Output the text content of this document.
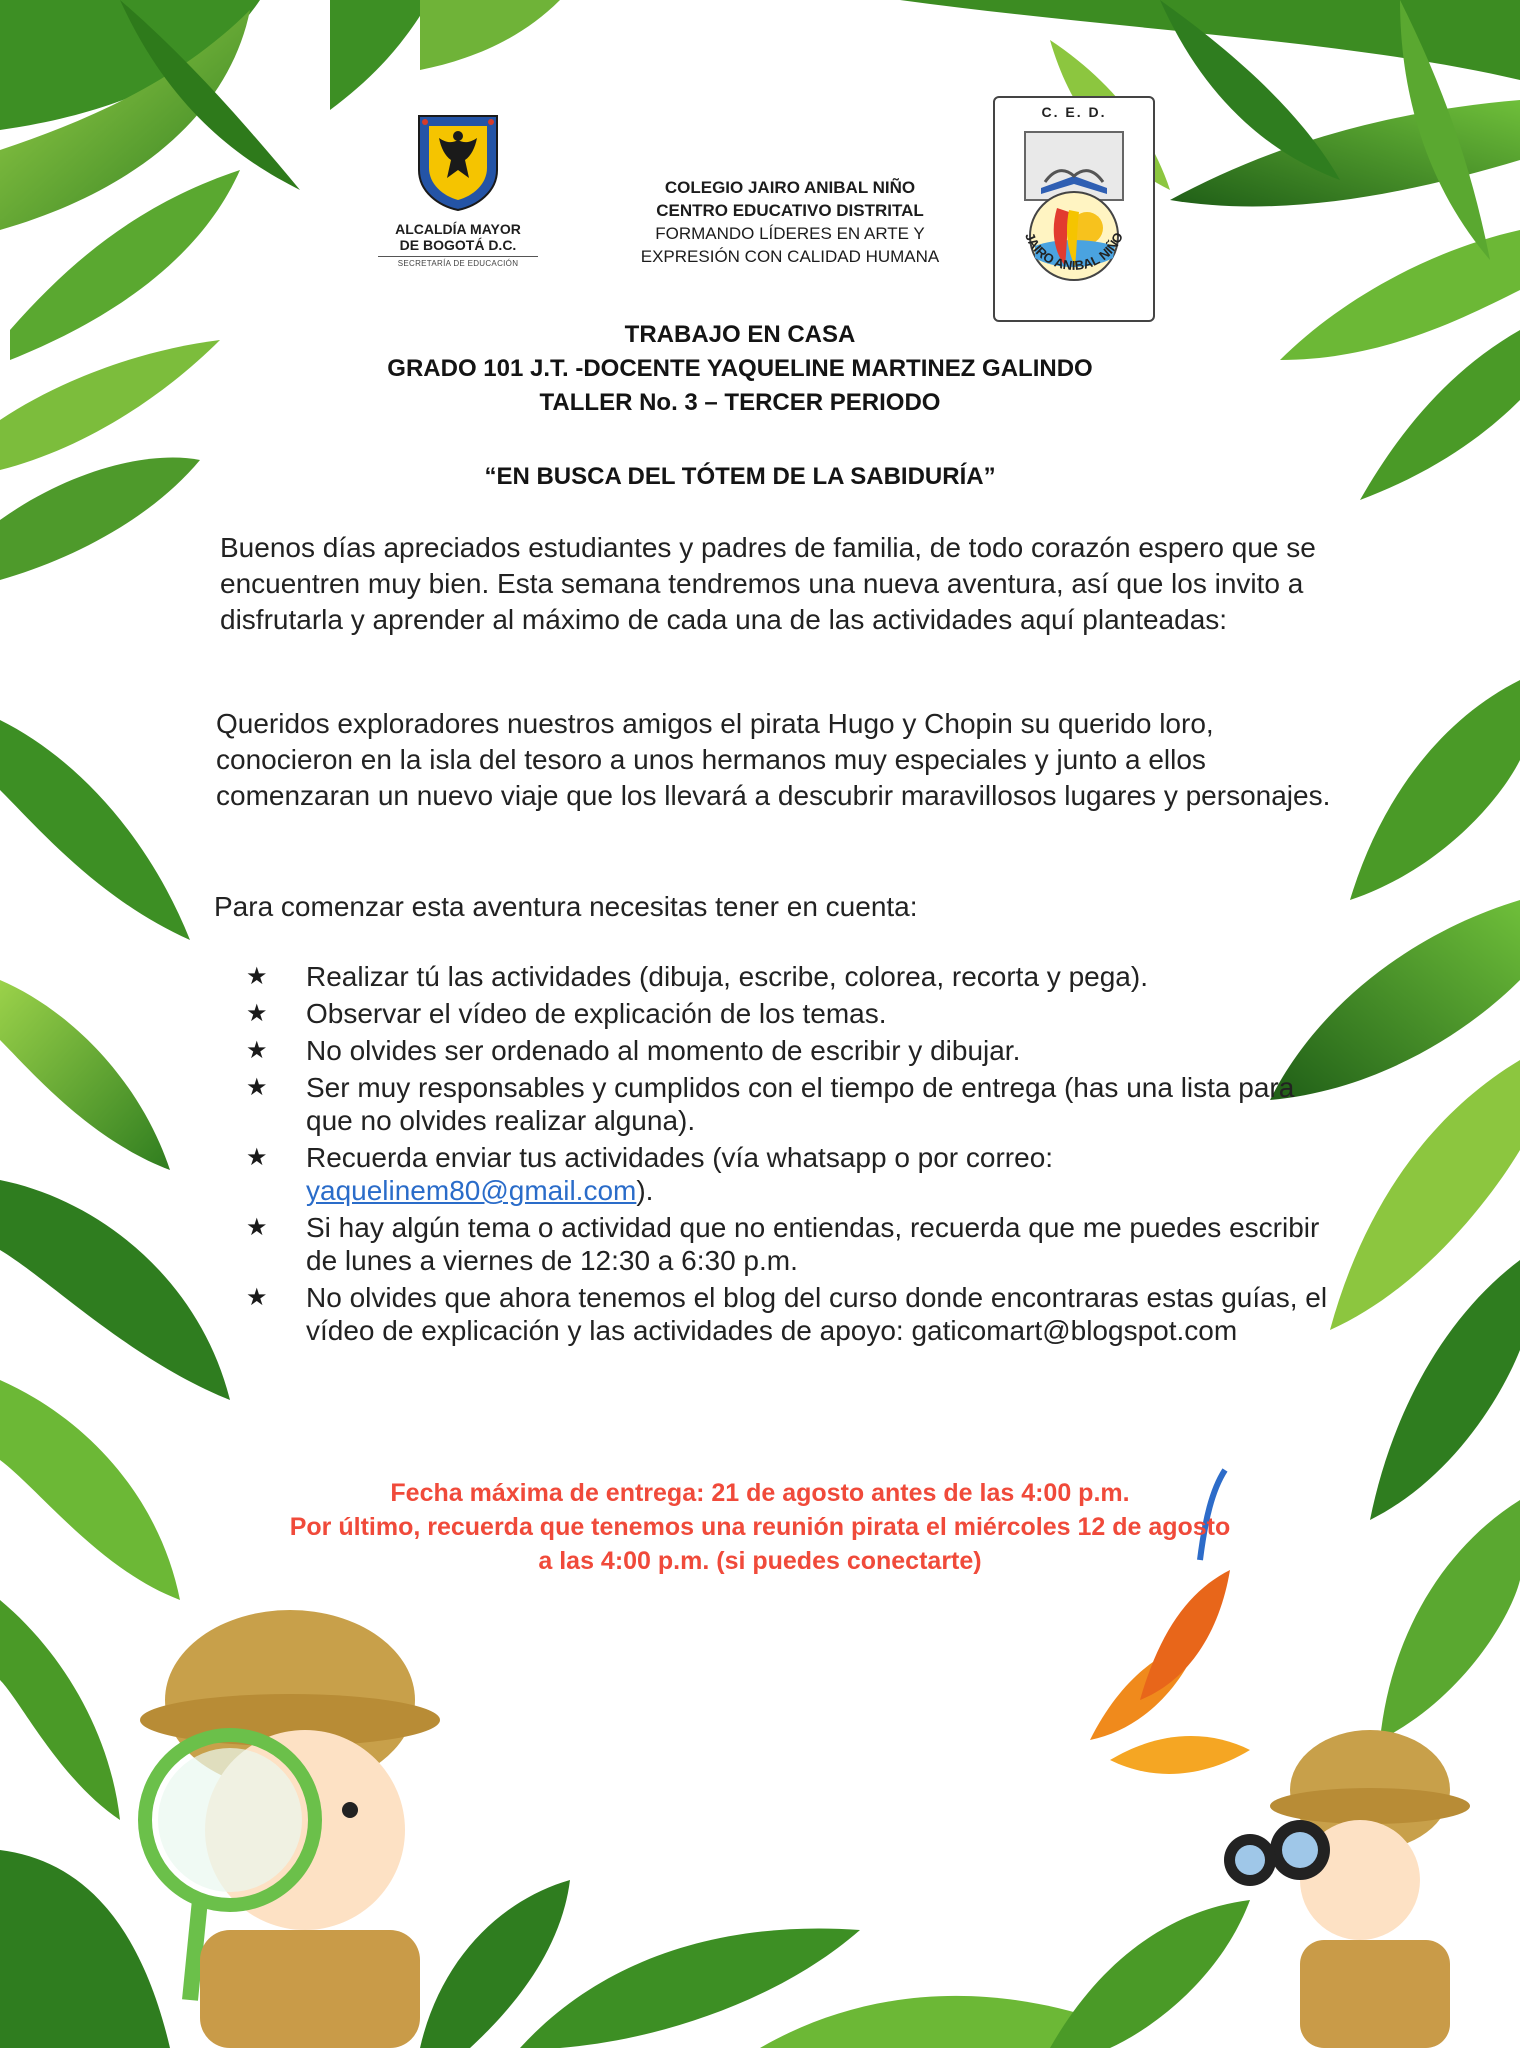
ALCALDÍA MAYOR
DE BOGOTÁ D.C.
SECRETARÍA DE EDUCACIÓN
COLEGIO JAIRO ANIBAL NIÑO
CENTRO EDUCATIVO DISTRITAL
FORMANDO LÍDERES EN ARTE Y
EXPRESIÓN CON CALIDAD HUMANA
C. E. D.
JAIRO ANIBAL NIÑO
TRABAJO EN CASA
GRADO 101 J.T. -DOCENTE YAQUELINE MARTINEZ GALINDO
TALLER No. 3 – TERCER PERIODO
“EN BUSCA DEL TÓTEM DE LA SABIDURÍA”
Buenos días apreciados estudiantes y padres de familia, de todo corazón espero que se encuentren muy bien. Esta semana tendremos una nueva aventura, así que los invito a disfrutarla y aprender al máximo de cada una de las actividades aquí planteadas:
Queridos exploradores nuestros amigos el pirata Hugo y Chopin su querido loro, conocieron en la isla del tesoro a unos hermanos muy especiales y junto a ellos comenzaran un nuevo viaje que los llevará a descubrir maravillosos lugares y personajes.
Para comenzar esta aventura necesitas tener en cuenta:
★ Realizar tú las actividades (dibuja, escribe, colorea, recorta y pega).
★ Observar el vídeo de explicación de los temas.
★ No olvides ser ordenado al momento de escribir y dibujar.
★ Ser muy responsables y cumplidos con el tiempo de entrega (has una lista para que no olvides realizar alguna).
★ Recuerda enviar tus actividades (vía whatsapp o por correo:
yaquelinem80@gmail.com).
★ Si hay algún tema o actividad que no entiendas, recuerda que me puedes escribir de lunes a viernes de 12:30 a 6:30 p.m.
★ No olvides que ahora tenemos el blog del curso donde encontraras estas guías, el vídeo de explicación y las actividades de apoyo: gaticomart@blogspot.com
Fecha máxima de entrega: 21 de agosto antes de las 4:00 p.m.
Por último, recuerda que tenemos una reunión pirata el miércoles 12 de agosto
a las 4:00 p.m. (si puedes conectarte)
